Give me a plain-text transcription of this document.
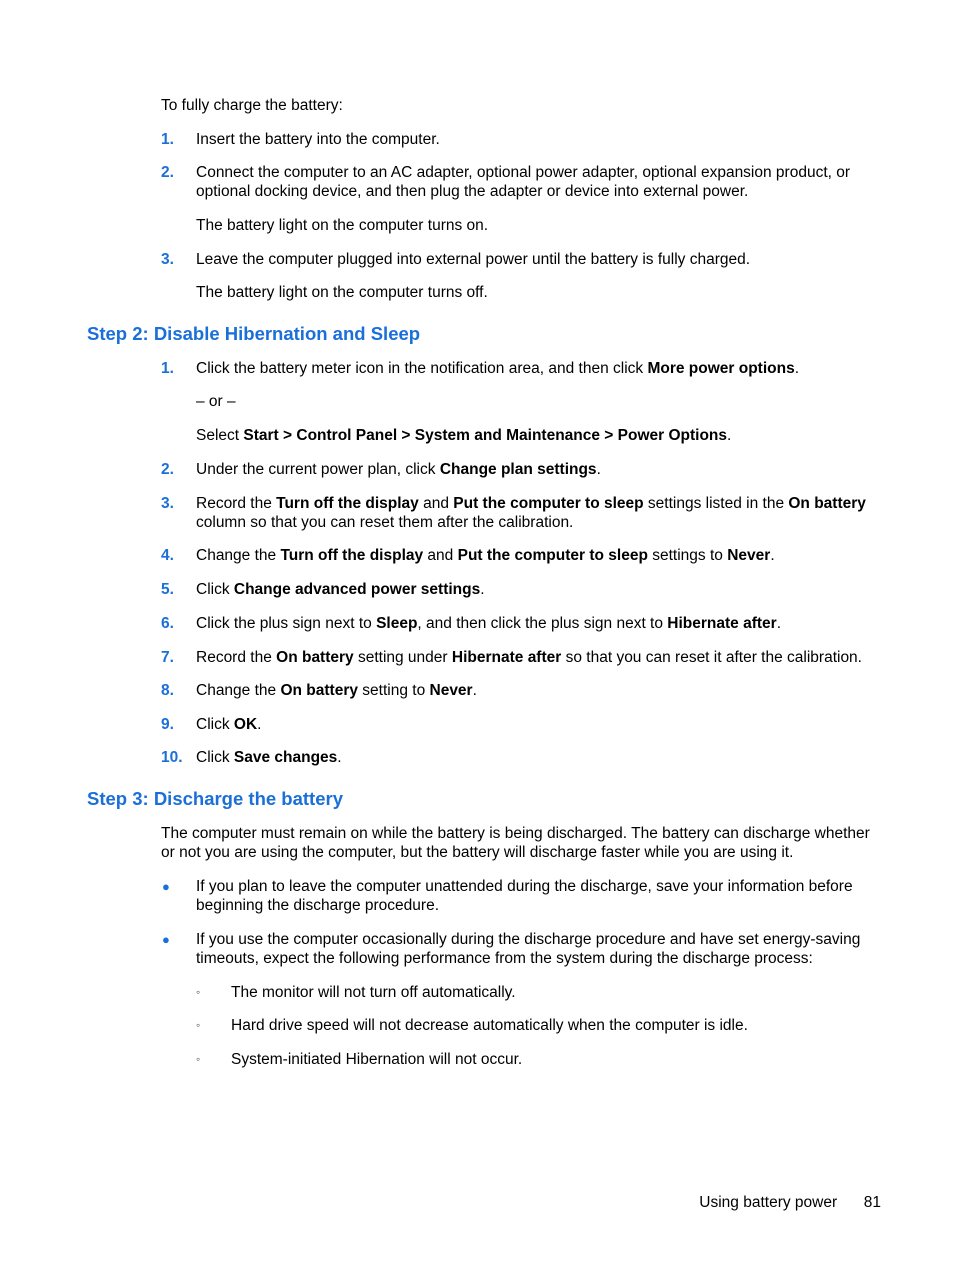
To fully charge the battery:

1. Insert the battery into the computer.
2. Connect the computer to an AC adapter, optional power adapter, optional expansion product, or optional docking device, and then plug the adapter or device into external power.

The battery light on the computer turns on.

3. Leave the computer plugged into external power until the battery is fully charged.

The battery light on the computer turns off.

Step 2: Disable Hibernation and Sleep
1. Click the battery meter icon in the notification area, and then click More power options.

– or –

Select Start > Control Panel > System and Maintenance > Power Options.

2. Under the current power plan, click Change plan settings.
3. Record the Turn off the display and Put the computer to sleep settings listed in the On battery column so that you can reset them after the calibration.
4. Change the Turn off the display and Put the computer to sleep settings to Never.
5. Click Change advanced power settings.
6. Click the plus sign next to Sleep, and then click the plus sign next to Hibernate after.
7. Record the On battery setting under Hibernate after so that you can reset it after the calibration.
8. Change the On battery setting to Never.
9. Click OK.
10. Click Save changes.
Step 3: Discharge the battery

The computer must remain on while the battery is being discharged. The battery can discharge whether or not you are using the computer, but the battery will discharge faster while you are using it.

● If you plan to leave the computer unattended during the discharge, save your information before beginning the discharge procedure.
● If you use the computer occasionally during the discharge procedure and have set energy-saving timeouts, expect the following performance from the system during the discharge process:
◦ The monitor will not turn off automatically.
◦ Hard drive speed will not decrease automatically when the computer is idle.
◦ System-initiated Hibernation will not occur.
Using battery power 81
